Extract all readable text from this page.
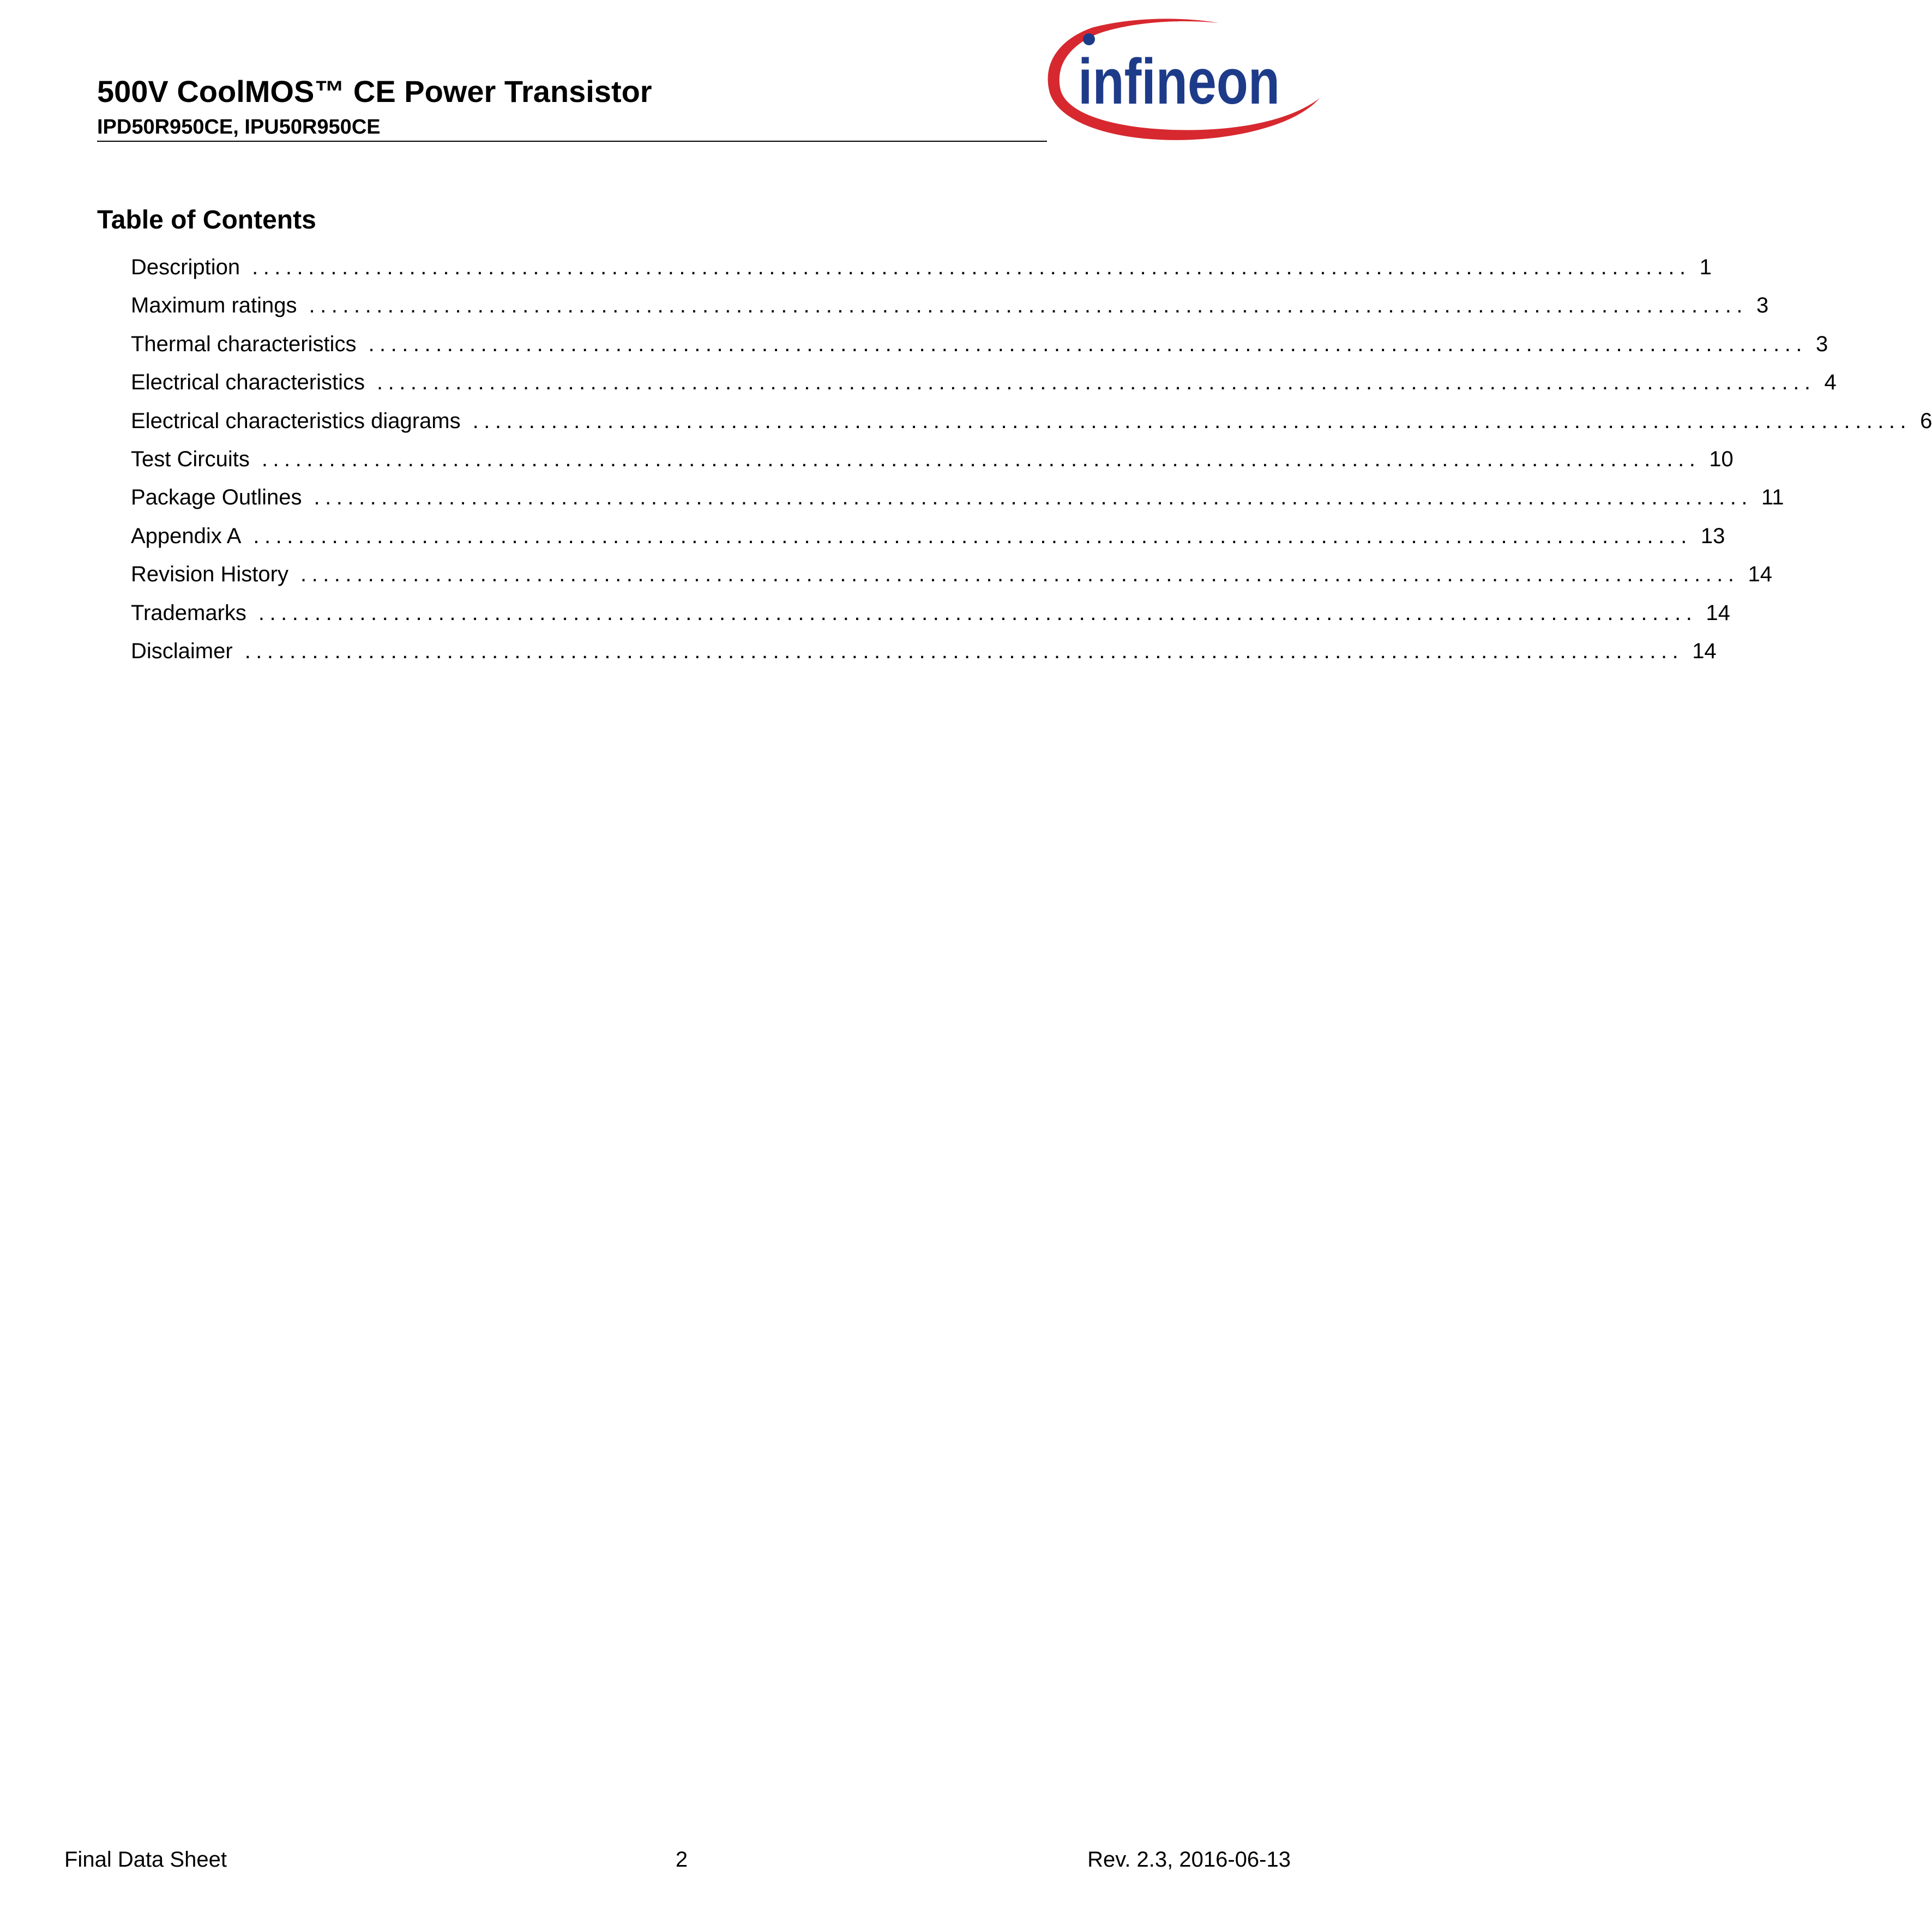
500V CoolMOS™ CE Power Transistor
IPD50R950CE, IPU50R950CE
infineon
Table of Contents
Description ................................................................................................................................ 1
Maximum ratings ................................................................................................................................ 3
Thermal characteristics ................................................................................................................................ 3
Electrical characteristics ................................................................................................................................ 4
Electrical characteristics diagrams ................................................................................................................................ 6
Test Circuits ................................................................................................................................ 10
Package Outlines ................................................................................................................................ 11
Appendix A ................................................................................................................................ 13
Revision History ................................................................................................................................ 14
Trademarks ................................................................................................................................ 14
Disclaimer ................................................................................................................................ 14
Final Data Sheet	2	Rev. 2.3, 2016-06-13
